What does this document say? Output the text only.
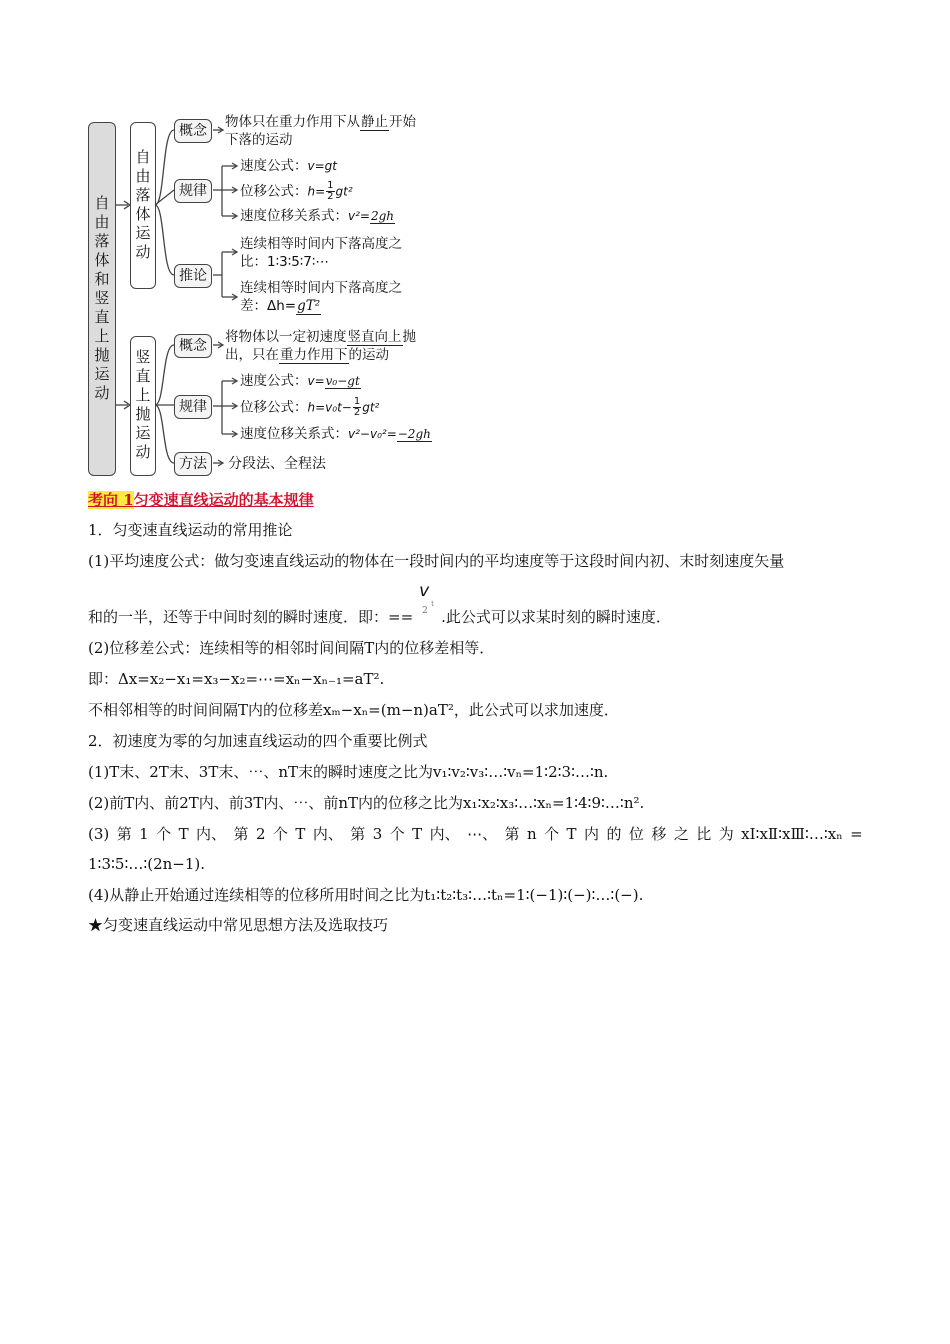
自由落体和竖直上抛运动 自由落体运动
竖直上抛运动
概念
物体只在重力作用下从静止开始
下落的运动
规律
速度公式：v=gt
位移公式：$h= \frac{1}{2} gt^2$
速度位移关系式：v²=2gh
推论
连续相等时间内下落高度之
比：1∶3∶5∶7∶⋯
连续相等时间内下落高度之
差：Δh=gT²
概念
将物体以一定初速度竖直向上抛
出，只在重力作用下的运动
规律
速度公式：v=v₀−gt
位移公式：$h=v_0t- \frac{1}{2} gt^2$
速度位移关系式：v²−v₀²=−2gh
方法	分段法、全程法
考向 1匀变速直线运动的基本规律
1．匀变速直线运动的常用推论
(1)平均速度公式：做匀变速直线运动的物体在一段时间内的平均速度等于这段时间内初、末时刻速度矢量
和的一半，还等于中间时刻的瞬时速度．即：==
v
t
2 .此公式可以求某时刻的瞬时速度．
(2)位移差公式：连续相等的相邻时间间隔T内的位移差相等．
即：Δx=x₂−x₁=x₃−x₂=⋯=xₙ−xₙ₋₁=aT².
不相邻相等的时间间隔T内的位移差xₘ−xₙ=(m−n)aT²，此公式可以求加速度．
2．初速度为零的匀加速直线运动的四个重要比例式
(1)T末、2T末、3T末、⋯、nT末的瞬时速度之比为v₁∶v₂∶v₃∶…∶vₙ=1∶2∶3∶…∶n.
(2)前T内、前2T内、前3T内、⋯、前nT内的位移之比为x₁∶x₂∶x₃∶…∶xₙ=1∶4∶9∶…∶n².
(3) 第 1 个 T 内、 第 2 个 T 内、 第 3 个 T 内、 ⋯、 第 n 个 T 内 的 位 移 之 比 为 xⅠ∶xⅡ∶xⅢ∶…∶xₙ =
1∶3∶5∶…∶(2n−1).
(4)从静止开始通过连续相等的位移所用时间之比为t₁∶t₂∶t₃∶…∶tₙ=1∶(−1)∶(−)∶…∶(−).
★匀变速直线运动中常见思想方法及选取技巧
